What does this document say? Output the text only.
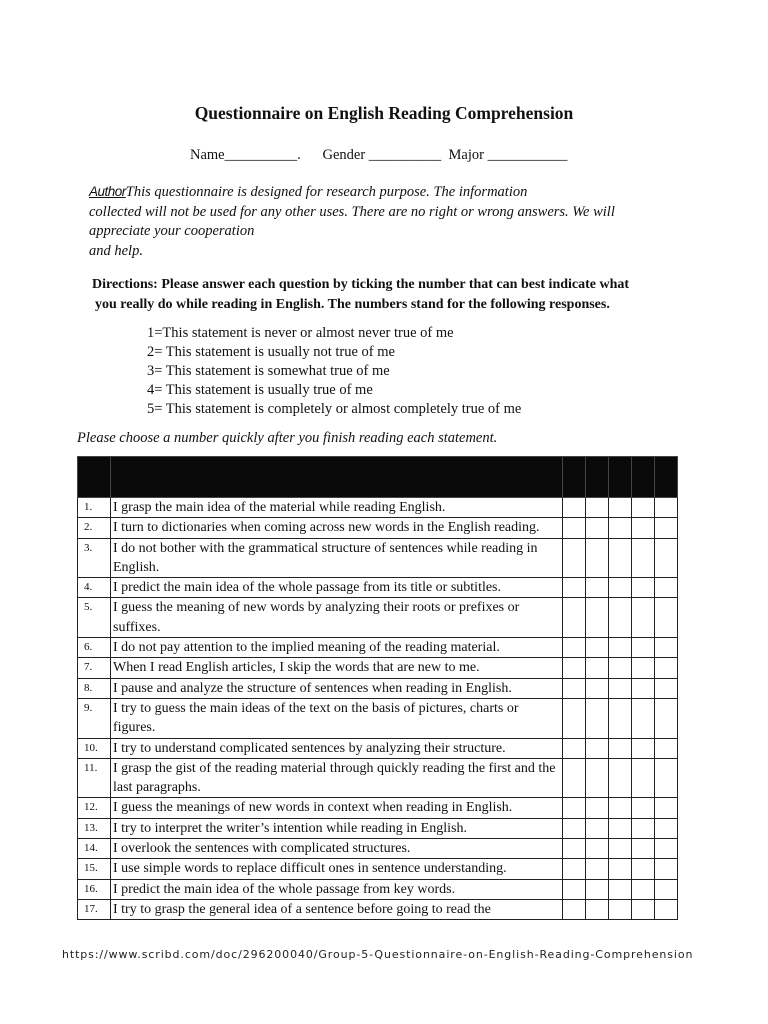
Questionnaire on English Reading Comprehension
Name__________.      Gender __________  Major ___________
AuthorThis questionnaire is designed for research purpose. The information
collected will not be used for any other uses. There are no right or wrong answers. We will
appreciate your cooperation
and help.
Directions: Please answer each question by ticking the number that can best indicate what
you really do while reading in English. The numbers stand for the following responses.
1=This statement is never or almost never true of me
2= This statement is usually not true of me
3= This statement is somewhat true of me
4= This statement is usually true of me
5= This statement is completely or almost completely true of me
Please choose a number quickly after you finish reading each statement.

1.	I grasp the main idea of the material while reading English.					
2.	I turn to dictionaries when coming across new words in the English reading.					
3.	I do not bother with the grammatical structure of sentences while reading in English.					
4.	I predict the main idea of the whole passage from its title or subtitles.					
5.	I guess the meaning of new words by analyzing their roots or prefixes or suffixes.					
6.	I do not pay attention to the implied meaning of the reading material.					
7.	When I read English articles, I skip the words that are new to me.					
8.	I pause and analyze the structure of sentences when reading in English.					
9.	I try to guess the main ideas of the text on the basis of pictures, charts or figures.					
10.	I try to understand complicated sentences by analyzing their structure.					
11.	I grasp the gist of the reading material through quickly reading the first and the last paragraphs.					
12.	I guess the meanings of new words in context when reading in English.					
13.	I try to interpret the writer’s intention while reading in English.					
14.	I overlook the sentences with complicated structures.					
15.	I use simple words to replace difficult ones in sentence understanding.					
16.	I predict the main idea of the whole passage from key words.					
17.	I try to grasp the general idea of a sentence before going to read the					
https://www.scribd.com/doc/296200040/Group-5-Questionnaire-on-English-Reading-Comprehension
